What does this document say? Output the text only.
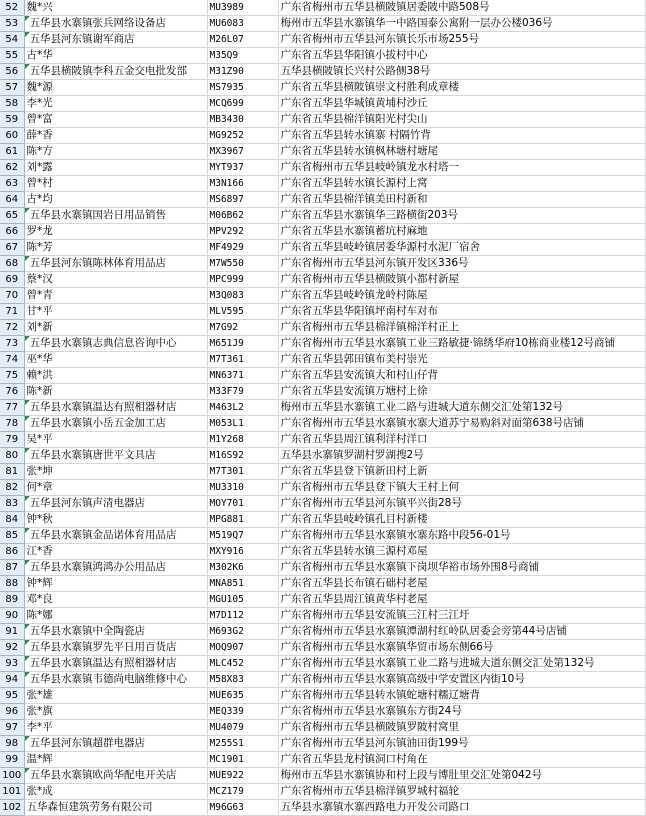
52	魏*兴	MU3989	广东省梅州市五华县横陂镇居委陂中路508号
53	五华县水寨镇张兵网络设备店	MU6083	梅州市五华县水寨镇华一中路国泰公寓附一层办公楼036号
54	五华县河东镇谢军商店	M26L07	广东省梅州市五华县河东镇长乐市场255号
55	古*华	M35Q9	广东省五华县华阳镇小拔村中心
56	五华县横陂镇李科五金交电批发部	M31Z90	五华县横陂镇长兴村公路侧38号
57	魏*源	MS7935	广东省五华县横陂镇崇文村胜利成章楼
58	李*光	MCQ699	广东省五华县华城镇黄埔村沙丘
59	曾*富	MB3430	广东省五华县棉洋镇阳光村尖山
60	薛*香	MG9252	广东省五华县转水镇寨 村隔竹背
61	陈*方	MX3967	广东省五华县转水镇枫林塘村塘尾
62	刘*露	MYT937	广东省梅州市五华县岐岭镇龙水村塔一
63	曾*村	M3N166	广东省五华县转水镇长源村上窝
64	古*均	MS6897	广东省五华县棉洋镇美田村新和
65	五华县水寨镇国岩日用品销售	M06B62	广东省五华县水寨镇华三路横街203号
66	罗*龙	MPV292	广东省五华县水寨镇蓄坑村麻地
67	陈*芳	MF4929	广东省五华县岐岭镇居委华源村水泥厂宿舍
68	五华县河东镇陈林体育用品店	M7W550	广东省梅州市五华县河东镇开发区336号
69	蔡*汉	MPC999	广东省梅州市五华县横陂镇小都村新屋
70	曾*青	M3Q083	广东省五华县岐岭镇龙岭村陈屋
71	甘*平	MLV595	广东省五华县华阳镇坪南村车对布
72	刘*新	M7G92	广东省梅州市五华县棉洋镇棉洋村正上
73	五华县水寨镇志典信息咨询中心	M651J9	广东省梅州市五华县水寨镇工业三路敏捷·锦绣华府10栋商业楼12号商铺
74	巫*华	M7T361	广东省五华县郭田镇布美村崇光
75	赖*洪	MN6371	广东省五华县安流镇大和村山仔背
76	陈*新	M33F79	广东省五华县安流镇万塘村上徐
77	五华县水寨镇温达有照相器材店	M463L2	梅州市五华县水寨镇工业二路与进城大道东侧交汇处第132号
78	五华县水寨镇小岳五金加工店	M053L1	广东省梅州市五华县水寨镇水寨大道苏宁易购斜对面第638号店铺
79	吴*平	M1Y268	广东省五华县周江镇利洋村洋口
80	五华县水寨镇唐世平文具店	M16S92	五华县水寨镇罗湖村罗湖搜2号
81	张*坤	M7T301	广东省五华县登下镇新田村上新
82	何*章	MU3310	广东省梅州市五华县登下镇大王村上何
83	五华县河东镇声清电器店	MOY701	广东省梅州市五华县河东镇平兴街28号
84	钟*秋	MPG881	广东省五华县岐岭镇孔目村新楼
85	五华县水寨镇金品诺体育用品店	M519Q7	广东省梅州市五华县水寨镇水寨东路中段56-01号
86	江*香	MXY916	广东省五华县转水镇三源村邓屋
87	五华县水寨镇鸿鸿办公用品店	M302K6	广东省梅州市五华县水寨镇下岗坝华裕市场外围8号商铺
88	钟*辉	MNA851	广东省五华县长布镇石础村老屋
89	邓*良	MGU105	广东省五华县周江镇黄华村老屋
90	陈*娜	M7D112	广东省梅州市五华县安流镇三江村三江圩
91	五华县水寨镇中全陶瓷店	M693G2	广东省梅州市五华县水寨镇潭湖村红岭队居委会旁第44号店铺
92	五华县水寨镇罗先平日用百货店	MOQ907	广东省梅州市五华县水寨镇华贸市场东侧66号
93	五华县水寨镇温达有照相器材店	MLC452	广东省梅州市五华县水寨镇工业二路与进城大道东侧交汇处第132号
94	五华县水寨镇韦德尚电脑维修中心	M58X83	广东省梅州市五华县水寨镇高级中学安置区内街10号
95	张*雄	MUE635	广东省梅州市五华县转水镇蛇塘村糯辽塘背
96	张*旗	MEQ339	广东省梅州市五华县水寨镇东方街24号
97	李*平	MU4079	广东省梅州市五华县横陂镇罗陂村窝里
98	五华县河东镇超群电器店	M255S1	广东省梅州市五华县河东镇油田街199号
99	温*辉	MC1901	广东省五华县龙村镇洞口村角在
100	五华县水寨镇欧尚华配电开关店	MUE922	梅州市五华县水寨镇协和村上段与博肚里交汇处第042号
101	张*成	MCZ179	广东省梅州市五华县棉洋镇罗城村福轮
102	五华森恒建筑劳务有限公司	M96G63	五华县水寨镇水寨西路电力开发公司路口
